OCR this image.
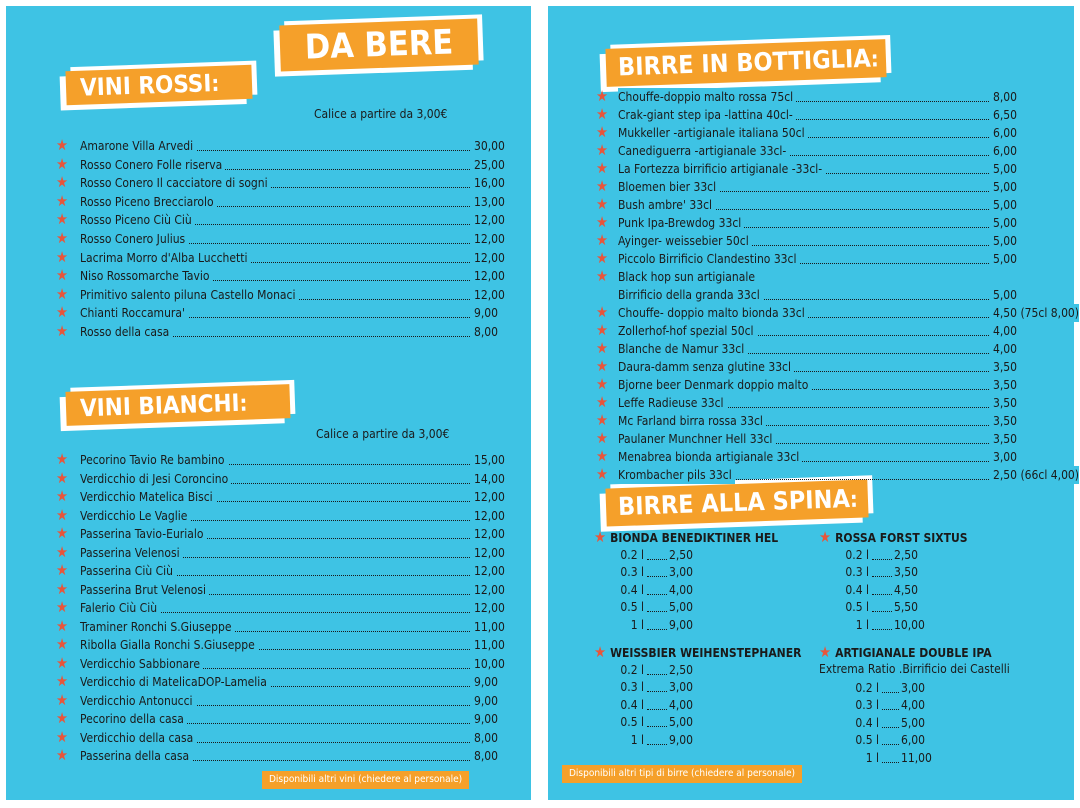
DA BERE
VINI ROSSI:
Calice a partire da 3,00€
★ Amarone Villa Arvedi	30,00
★ Rosso Conero Folle riserva	25,00
★ Rosso Conero Il cacciatore di sogni	16,00
★ Rosso Piceno Brecciarolo	13,00
★ Rosso Piceno Ciù Ciù	12,00
★ Rosso Conero Julius	12,00
★ Lacrima Morro d'Alba Lucchetti	12,00
★ Niso Rossomarche Tavio	12,00
★ Primitivo salento piluna Castello Monaci	12,00
★ Chianti Roccamura'	9,00
★ Rosso della casa	8,00
VINI BIANCHI:
Calice a partire da 3,00€
★ Pecorino Tavio Re bambino	15,00
★ Verdicchio di Jesi Coroncino	14,00
★ Verdicchio Matelica Bisci	12,00
★ Verdicchio Le Vaglie	12,00
★ Passerina Tavio-Eurialo	12,00
★ Passerina Velenosi	12,00
★ Passerina Ciù Ciù	12,00
★ Passerina Brut Velenosi	12,00
★ Falerio Ciù Ciù	12,00
★ Traminer Ronchi S.Giuseppe	11,00
★ Ribolla Gialla Ronchi S.Giuseppe	11,00
★ Verdicchio Sabbionare	10,00
★ Verdicchio di MatelicaDOP-Lamelia	9,00
★ Verdicchio Antonucci	9,00
★ Pecorino della casa	9,00
★ Verdicchio della casa	8,00
★ Passerina della casa	8,00
Disponibili altri vini (chiedere al personale)
BIRRE IN BOTTIGLIA:
★ Chouffe-doppio malto rossa 75cl	8,00
★ Crak-giant step ipa -lattina 40cl-	6,50
★ Mukkeller -artigianale italiana 50cl	6,00
★ Canediguerra -artigianale 33cl-	6,00
★ La Fortezza birrificio artigianale -33cl-	5,00
★ Bloemen bier 33cl	5,00
★ Bush ambre' 33cl	5,00
★ Punk Ipa-Brewdog 33cl	5,00
★ Ayinger- weissebier 50cl	5,00
★ Piccolo Birrificio Clandestino 33cl	5,00
★ Black hop sun artigianale
Birrificio della granda 33cl	5,00
★ Chouffe- doppio malto bionda 33cl	4,50 (75cl 8,00)
★ Zollerhof-hof spezial 50cl	4,00
★ Blanche de Namur 33cl	4,00
★ Daura-damm senza glutine 33cl	3,50
★ Bjorne beer Denmark doppio malto	3,50
★ Leffe Radieuse 33cl	3,50
★ Mc Farland birra rossa 33cl	3,50
★ Paulaner Munchner Hell 33cl	3,50
★ Menabrea bionda artigianale 33cl	3,00
★ Krombacher pils 33cl	2,50 (66cl 4,00)
BIRRE ALLA SPINA:
★ BIONDA BENEDIKTINER HEL
0.2 l 2,50
0.3 l 3,00
0.4 l 4,00
0.5 l 5,00
1 l 9,00
★ ROSSA FORST SIXTUS
0.2 l 2,50
0.3 l 3,50
0.4 l 4,50
0.5 l 5,50
1 l 10,00
★ WEISSBIER WEIHENSTEPHANER
0.2 l 2,50
0.3 l 3,00
0.4 l 4,00
0.5 l 5,00
1 l 9,00
★ ARTIGIANALE DOUBLE IPA
Extrema Ratio .Birrificio dei Castelli
0.2 l 3,00
0.3 l 4,00
0.4 l 5,00
0.5 l 6,00
1 l 11,00
Disponibili altri tipi di birre (chiedere al personale)
